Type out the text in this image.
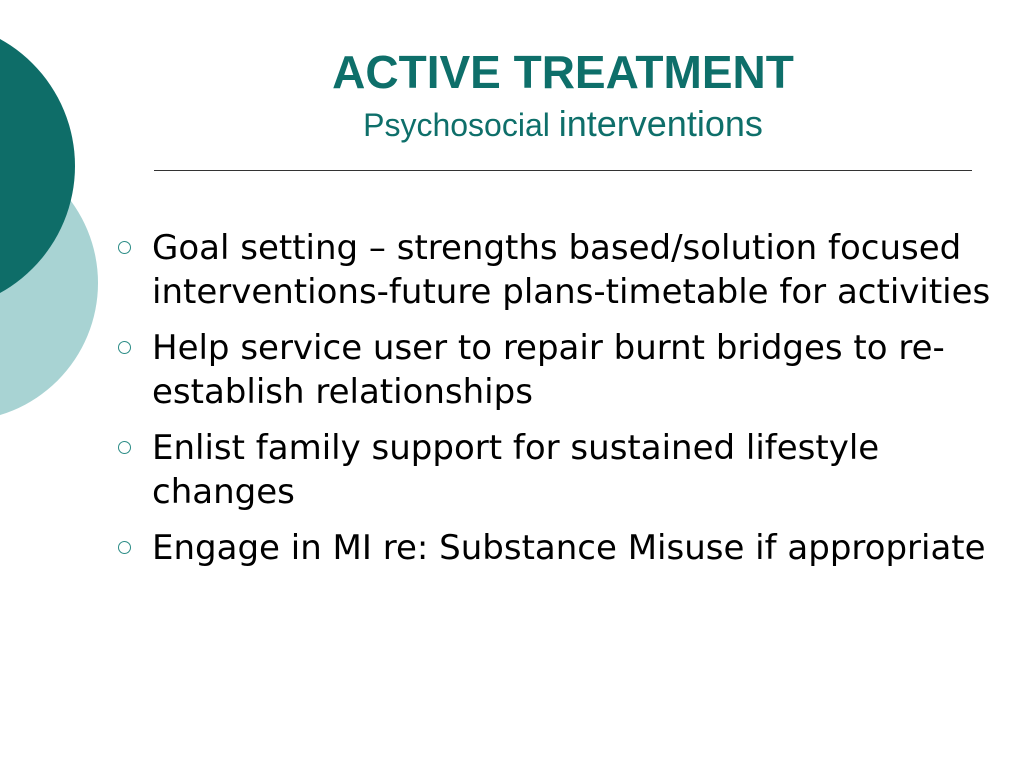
ACTIVE TREATMENT
Psychosocial interventions
Goal setting – strengths based/solution focused interventions-future plans-timetable for activities
Help service user to repair burnt bridges to re-establish relationships
Enlist family support for sustained lifestyle changes
Engage in MI re: Substance Misuse if appropriate
